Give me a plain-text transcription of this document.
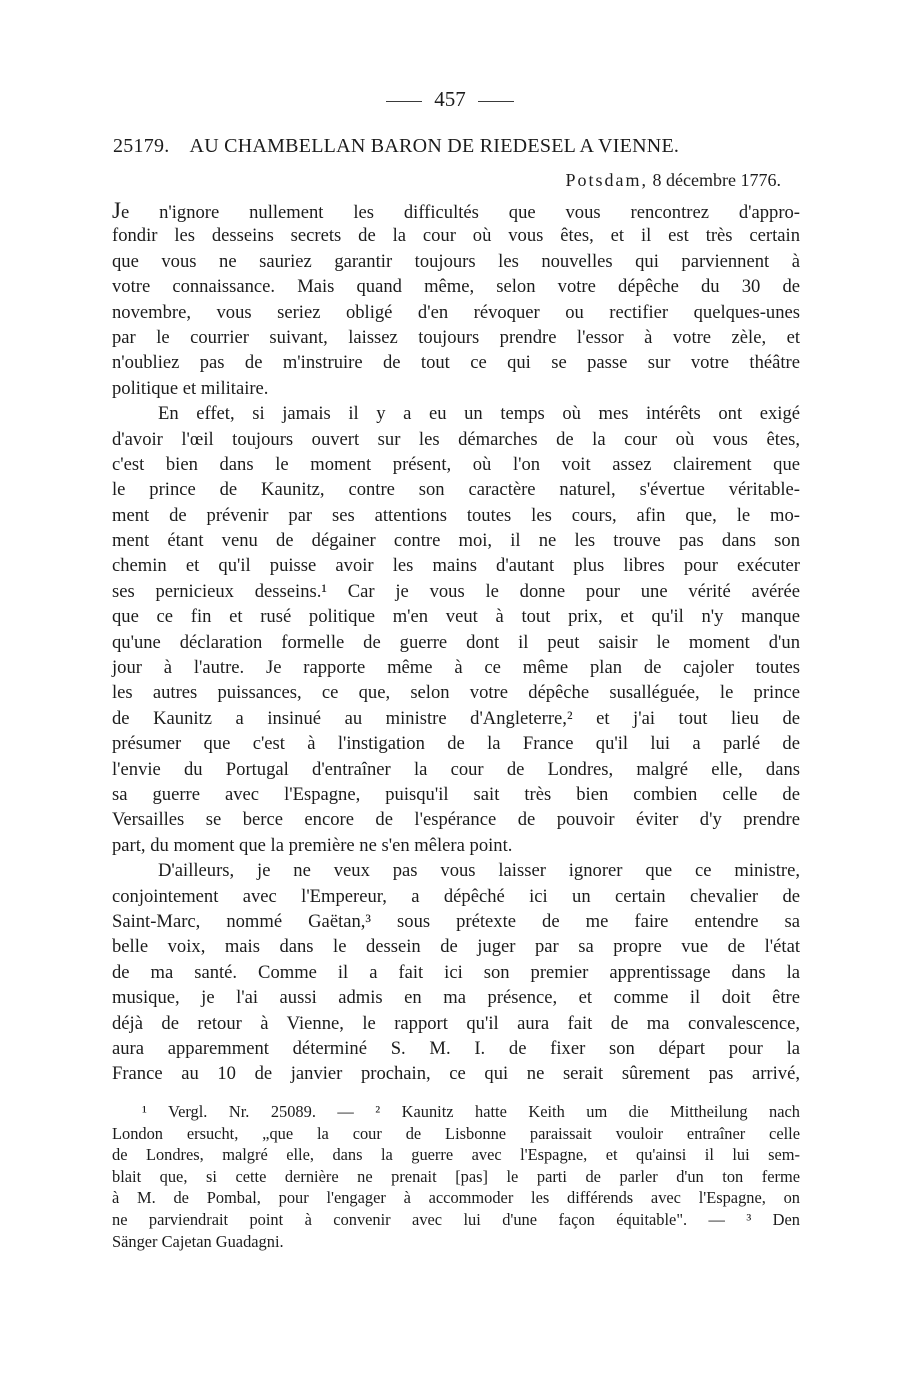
457
25179. AU CHAMBELLAN BARON DE RIEDESEL A VIENNE.
Potsdam, 8 décembre 1776.
Je n'ignore nullement les difficultés que vous rencontrez d'appro-
fondir les desseins secrets de la cour où vous êtes, et il est très certain
que vous ne sauriez garantir toujours les nouvelles qui parviennent à
votre connaissance. Mais quand même, selon votre dépêche du 30 de
novembre, vous seriez obligé d'en révoquer ou rectifier quelques-unes
par le courrier suivant, laissez toujours prendre l'essor à votre zèle, et
n'oubliez pas de m'instruire de tout ce qui se passe sur votre théâtre
politique et militaire.
En effet, si jamais il y a eu un temps où mes intérêts ont exigé
d'avoir l'œil toujours ouvert sur les démarches de la cour où vous êtes,
c'est bien dans le moment présent, où l'on voit assez clairement que
le prince de Kaunitz, contre son caractère naturel, s'évertue véritable-
ment de prévenir par ses attentions toutes les cours, afin que, le mo-
ment étant venu de dégainer contre moi, il ne les trouve pas dans son
chemin et qu'il puisse avoir les mains d'autant plus libres pour exécuter
ses pernicieux desseins.¹ Car je vous le donne pour une vérité avérée
que ce fin et rusé politique m'en veut à tout prix, et qu'il n'y manque
qu'une déclaration formelle de guerre dont il peut saisir le moment d'un
jour à l'autre. Je rapporte même à ce même plan de cajoler toutes
les autres puissances, ce que, selon votre dépêche susalléguée, le prince
de Kaunitz a insinué au ministre d'Angleterre,² et j'ai tout lieu de
présumer que c'est à l'instigation de la France qu'il lui a parlé de
l'envie du Portugal d'entraîner la cour de Londres, malgré elle, dans
sa guerre avec l'Espagne, puisqu'il sait très bien combien celle de
Versailles se berce encore de l'espérance de pouvoir éviter d'y prendre
part, du moment que la première ne s'en mêlera point.
D'ailleurs, je ne veux pas vous laisser ignorer que ce ministre,
conjointement avec l'Empereur, a dépêché ici un certain chevalier de
Saint-Marc, nommé Gaëtan,³ sous prétexte de me faire entendre sa
belle voix, mais dans le dessein de juger par sa propre vue de l'état
de ma santé. Comme il a fait ici son premier apprentissage dans la
musique, je l'ai aussi admis en ma présence, et comme il doit être
déjà de retour à Vienne, le rapport qu'il aura fait de ma convalescence,
aura apparemment déterminé S. M. I. de fixer son départ pour la
France au 10 de janvier prochain, ce qui ne serait sûrement pas arrivé,
¹ Vergl. Nr. 25089. — ² Kaunitz hatte Keith um die Mittheilung nach
London ersucht, „que la cour de Lisbonne paraissait vouloir entraîner celle
de Londres, malgré elle, dans la guerre avec l'Espagne, et qu'ainsi il lui sem-
blait que, si cette dernière ne prenait [pas] le parti de parler d'un ton ferme
à M. de Pombal, pour l'engager à accommoder les différends avec l'Espagne, on
ne parviendrait point à convenir avec lui d'une façon équitable". — ³ Den
Sänger Cajetan Guadagni.
